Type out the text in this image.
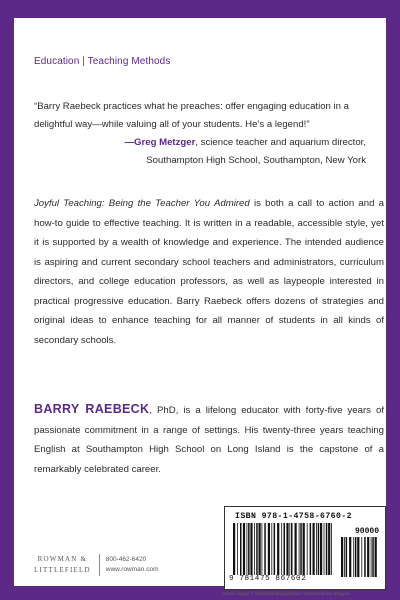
Education | Teaching Methods
“Barry Raebeck practices what he preaches: offer engaging education in a delightful way—while valuing all of your students. He’s a legend!”
—Greg Metzger, science teacher and aquarium director,
Southampton High School, Southampton, New York
Joyful Teaching: Being the Teacher You Admired is both a call to action and a how-to guide to effective teaching. It is written in a readable, accessible style, yet it is supported by a wealth of knowledge and experience. The intended audience is aspiring and current secondary school teachers and administrators, curriculum directors, and college education professors, as well as laypeople interested in practical progressive education. Barry Raebeck offers dozens of strategies and original ideas to enhance teaching for all manner of students in all kinds of secondary schools.
BARRY RAEBECK, PhD, is a lifelong educator with forty-five years of passionate commitment in a range of settings. His twenty-three years teaching English at Southampton High School on Long Island is the capstone of a remarkably celebrated career.
ROWMAN &
LITTLEFIELD
800-462-6420
www.rowman.com
ISBN 978-1-4758-6760-2
90000
9 781475 867602
Cover image © Dimitri68/DigitalVision Vectors/Getty Images
